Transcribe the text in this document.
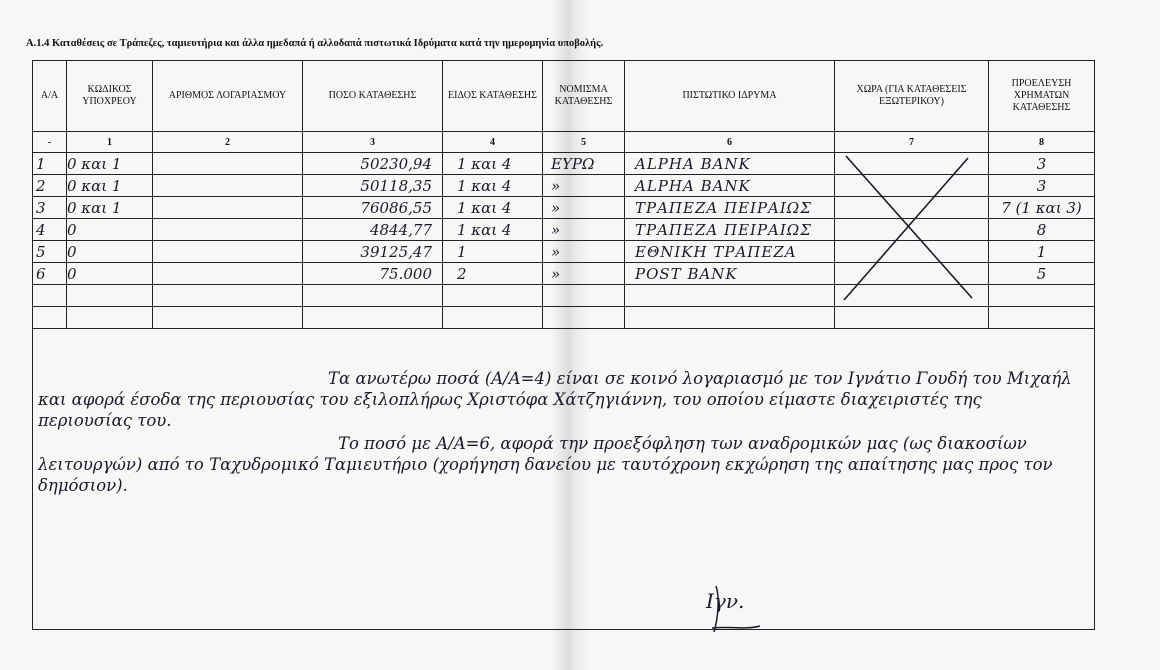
A.1.4 Καταθέσεις σε Τράπεζες, ταμιευτήρια και άλλα ημεδαπά ή αλλοδαπά πιστωτικά Ιδρύματα κατά την ημερομηνία υποβολής.
Α/Α	ΚΩΔΙΚΟΣ ΥΠΟΧΡΕΟΥ	ΑΡΙΘΜΟΣ ΛΟΓΑΡΙΑΣΜΟΥ	ΠΟΣΟ ΚΑΤΑΘΕΣΗΣ	ΕΙΔΟΣ ΚΑΤΑΘΕΣΗΣ	ΝΟΜΙΣΜΑ ΚΑΤΑΘΕΣΗΣ	ΠΙΣΤΩΤΙΚΟ ΙΔΡΥΜΑ	ΧΩΡΑ (ΓΙΑ ΚΑΤΑΘΕΣΕΙΣ ΕΞΩΤΕΡΙΚΟΥ)	ΠΡΟΕΛΕΥΣΗ ΧΡΗΜΑΤΩΝ ΚΑΤΑΘΕΣΗΣ
-	1	2	3	4	5	6	7	8
1	0 και 1		50230,94	1 και 4	ΕΥΡΩ	ALPHA BANK		3
2	0 και 1		50118,35	1 και 4	»	ALPHA BANK		3
3	0 και 1		76086,55	1 και 4	»	ΤΡΑΠΕΖΑ ΠΕΙΡΑΙΩΣ		7 (1 και 3)
4	0		4844,77	1 και 4	»	ΤΡΑΠΕΖΑ ΠΕΙΡΑΙΩΣ		8
5	0		39125,47	1	»	ΕΘΝΙΚΗ ΤΡΑΠΕΖΑ		1
6	0		75.000	2	»	POST BANK		5

Τα ανωτέρω ποσά (Α/Α=4) είναι σε κοινό λογαριασμό με τον Ιγνάτιο Γουδή του Μιχαήλ και αφορά έσοδα της περιουσίας του εξιλοπλήρως Χριστόφα Χάτζηγιάννη, του οποίου είμαστε διαχειριστές της περιουσίας του.

Το ποσό με Α/Α=6, αφορά την προεξόφληση των αναδρομικών μας (ως διακοσίων λειτουργών) από το Ταχυδρομικό Ταμιευτήριο (χορήγηση δανείου με ταυτόχρονη εκχώρηση της απαίτησης μας προς τον δημόσιον).

Ιγν.
